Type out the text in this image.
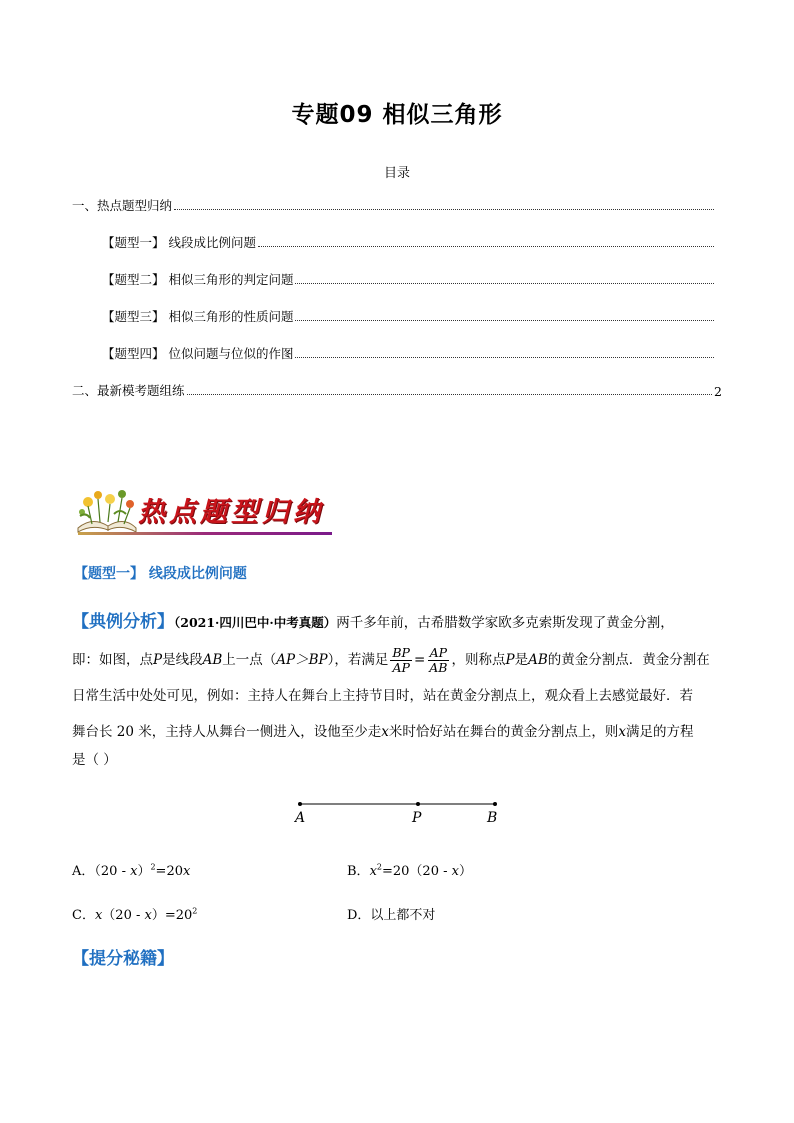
专题09 相似三角形
目录
一、热点题型归纳
【题型一】 线段成比例问题
【题型二】 相似三角形的判定问题
【题型三】 相似三角形的性质问题
【题型四】 位似问题与位似的作图
二、最新模考题组练	2
热点题型归纳
【题型一】 线段成比例问题
【典例分析】（2021·四川巴中·中考真题）两千多年前，古希腊数学家欧多克索斯发现了黄金分割，
即：如图，点 P 是线段 AB 上一点（ AP＞BP ），若满足 $\frac{BP}{AP} = \frac{AP}{AB}$ ，则称点 P 是 AB 的黄金分割点．黄金分割在
日常生活中处处可见，例如：主持人在舞台上主持节目时，站在黄金分割点上，观众看上去感觉最好．若
舞台长 20 米，主持人从舞台一侧进入，设他至少走x米时恰好站在舞台的黄金分割点上，则x满足的方程
是（ ）
A	P	B
A．（20 - x）$^2$=20x	B．$x^2=20(20 - x)$
C．$x(20 - x)=20^2$	D．以上都不对
【提分秘籍】
